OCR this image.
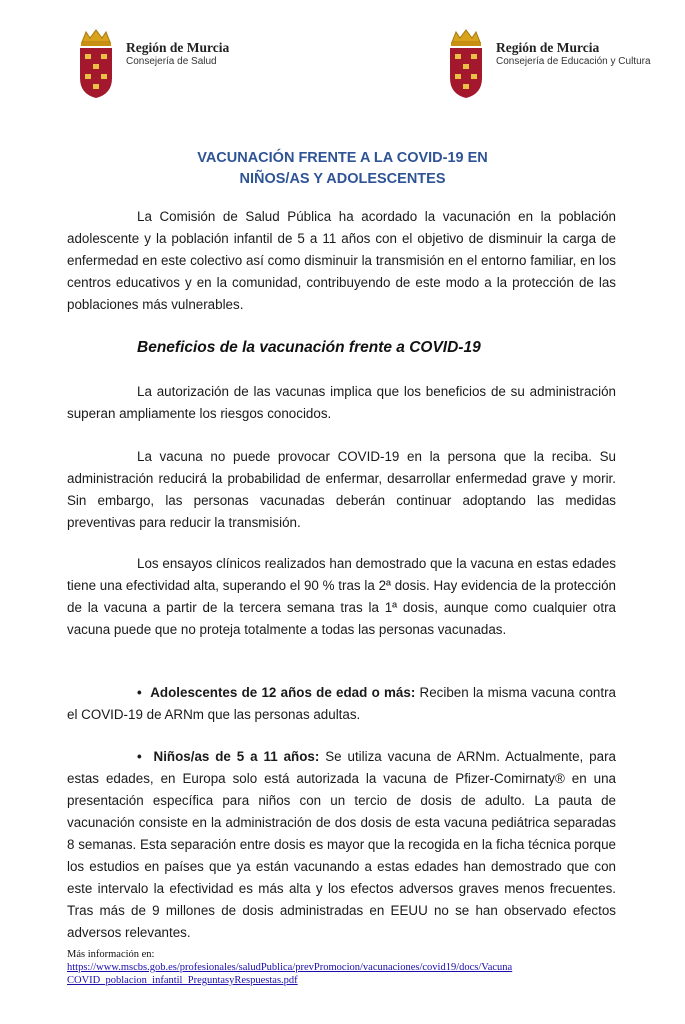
Región de Murcia
Consejería de Salud
Región de Murcia
Consejería de Educación y Cultura
VACUNACIÓN FRENTE A LA COVID-19 EN
NIÑOS/AS Y ADOLESCENTES

La Comisión de Salud Pública ha acordado la vacunación en la población adolescente y la población infantil de 5 a 11 años con el objetivo de disminuir la carga de enfermedad en este colectivo así como disminuir la transmisión en el entorno familiar, en los centros educativos y en la comunidad, contribuyendo de este modo a la protección de las poblaciones más vulnerables.

Beneficios de la vacunación frente a COVID-19

La autorización de las vacunas implica que los beneficios de su administración superan ampliamente los riesgos conocidos.

La vacuna no puede provocar COVID-19 en la persona que la reciba. Su administración reducirá la probabilidad de enfermar, desarrollar enfermedad grave y morir. Sin embargo, las personas vacunadas deberán continuar adoptando las medidas preventivas para reducir la transmisión.

Los ensayos clínicos realizados han demostrado que la vacuna en estas edades tiene una efectividad alta, superando el 90 % tras la 2ª dosis. Hay evidencia de la protección de la vacuna a partir de la tercera semana tras la 1ª dosis, aunque como cualquier otra vacuna puede que no proteja totalmente a todas las personas vacunadas.

• Adolescentes de 12 años de edad o más: Reciben la misma vacuna contra el COVID-19 de ARNm que las personas adultas.

• Niños/as de 5 a 11 años: Se utiliza vacuna de ARNm. Actualmente, para estas edades, en Europa solo está autorizada la vacuna de Pfizer-Comirnaty® en una presentación específica para niños con un tercio de dosis de adulto. La pauta de vacunación consiste en la administración de dos dosis de esta vacuna pediátrica separadas 8 semanas. Esta separación entre dosis es mayor que la recogida en la ficha técnica porque los estudios en países que ya están vacunando a estas edades han demostrado que con este intervalo la efectividad es más alta y los efectos adversos graves menos frecuentes. Tras más de 9 millones de dosis administradas en EEUU no se han observado efectos adversos relevantes.

Más información en:
https://www.mscbs.gob.es/profesionales/saludPublica/prevPromocion/vacunaciones/covid19/docs/Vacuna
COVID_poblacion_infantil_PreguntasyRespuestas.pdf
